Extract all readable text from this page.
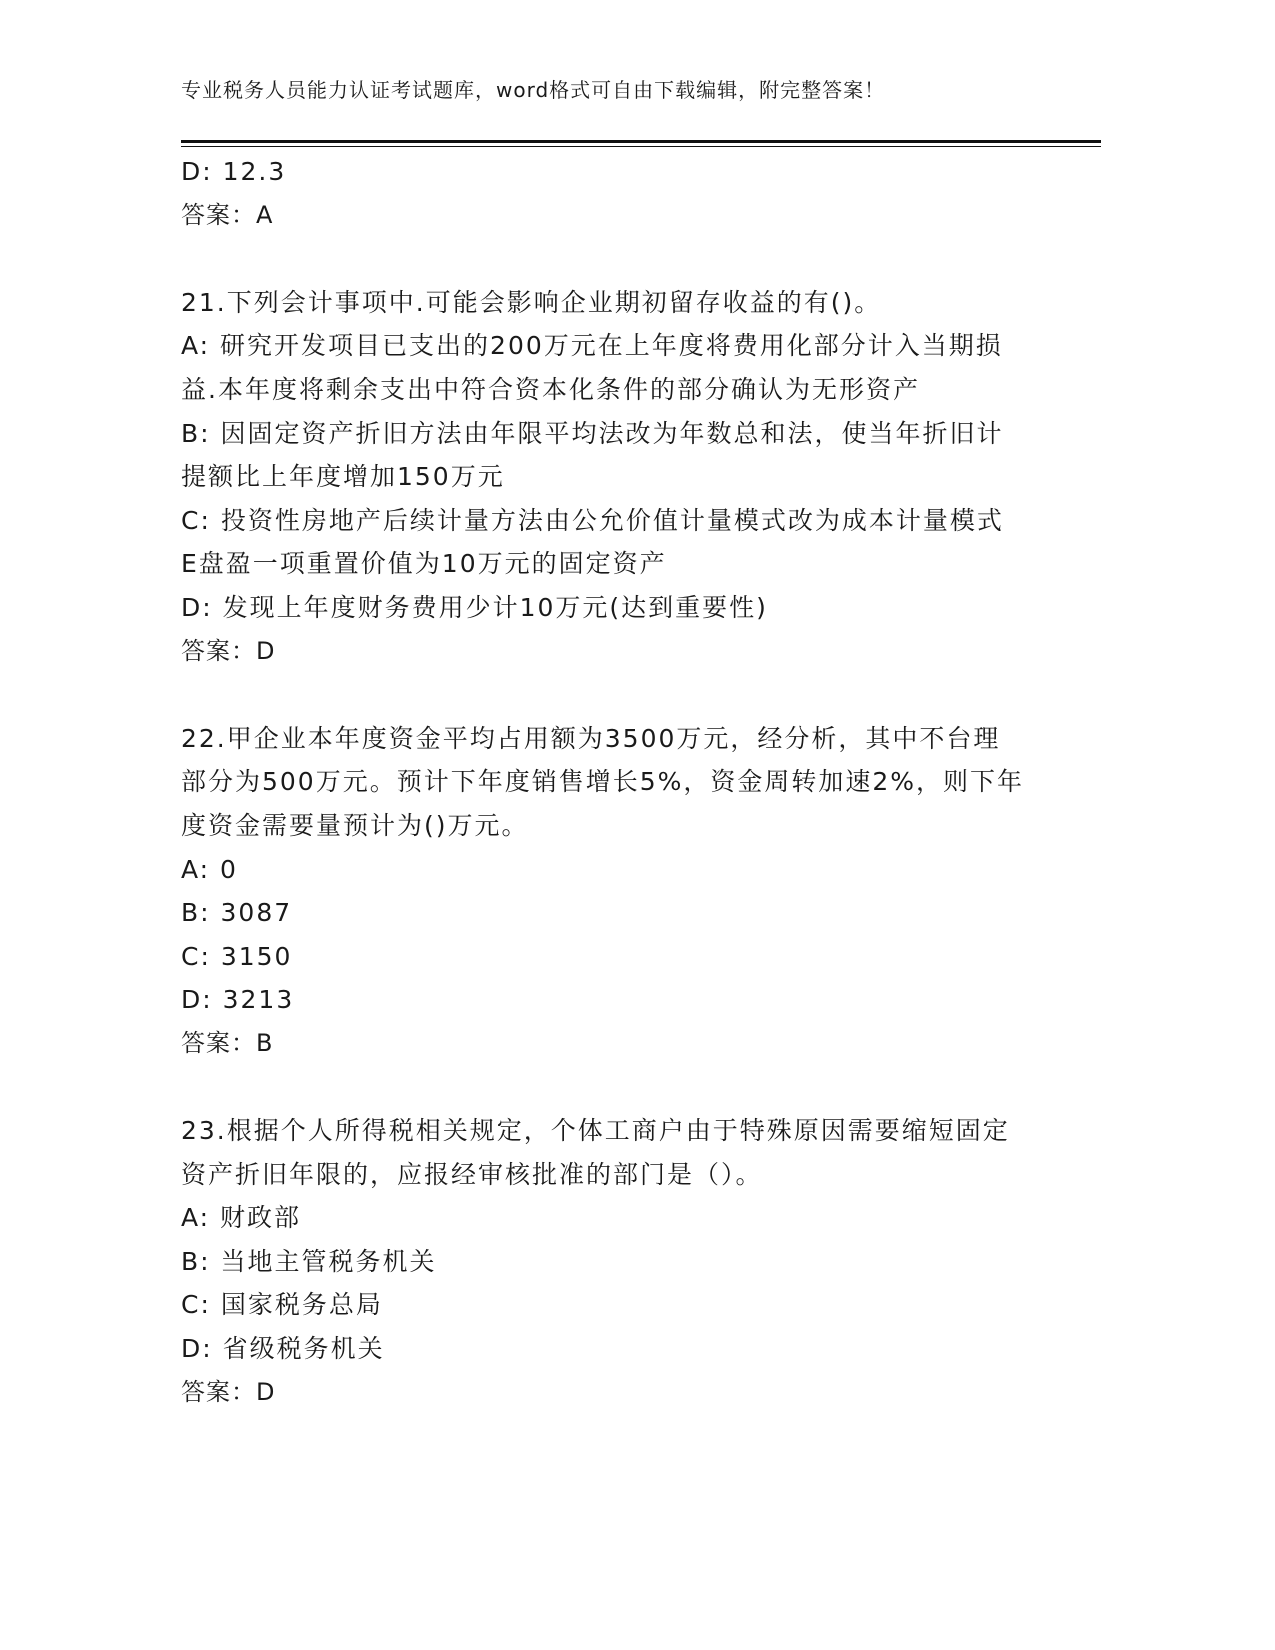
专业税务人员能力认证考试题库，word格式可自由下载编辑，附完整答案！
D: 12.3
答案：A
21.下列会计事项中.可能会影响企业期初留存收益的有()。
A: 研究开发项目已支出的200万元在上年度将费用化部分计入当期损
益.本年度将剩余支出中符合资本化条件的部分确认为无形资产
B: 因固定资产折旧方法由年限平均法改为年数总和法，使当年折旧计
提额比上年度增加150万元
C: 投资性房地产后续计量方法由公允价值计量模式改为成本计量模式
E盘盈一项重置价值为10万元的固定资产
D: 发现上年度财务费用少计10万元(达到重要性)
答案：D
22.甲企业本年度资金平均占用额为3500万元，经分析，其中不台理
部分为500万元。预计下年度销售增长5%，资金周转加速2%，则下年
度资金需要量预计为()万元。
A: 0
B: 3087
C: 3150
D: 3213
答案：B
23.根据个人所得税相关规定，个体工商户由于特殊原因需要缩短固定
资产折旧年限的，应报经审核批准的部门是（）。
A: 财政部
B: 当地主管税务机关
C: 国家税务总局
D: 省级税务机关
答案：D
